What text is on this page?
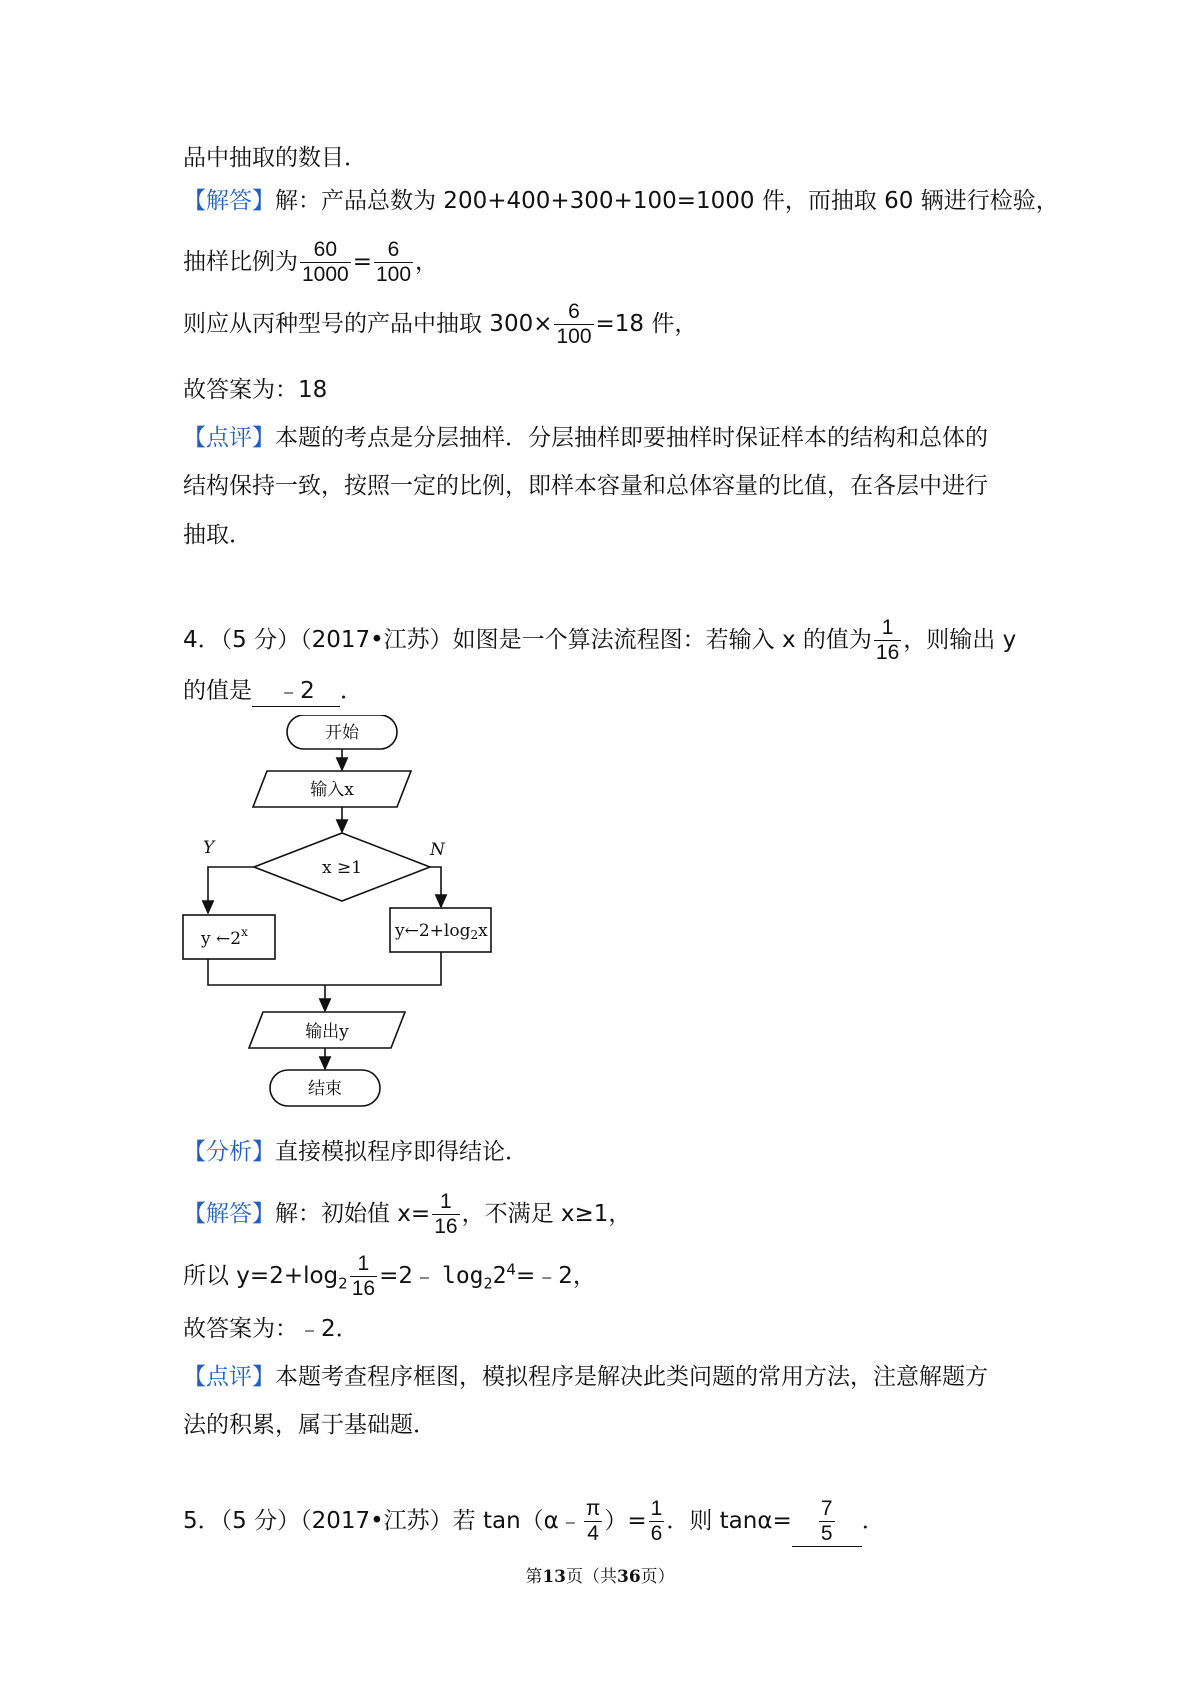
品中抽取的数目．
【解答】解：产品总数为 200+400+300+100=1000 件，而抽取 60 辆进行检验，
抽样比例为 $\frac{60}{1000} = \frac{6}{100}$ ，
则应从丙种型号的产品中抽取 $300\times \frac{6}{100} =18$ 件，
故答案为：18
【点评】本题的考点是分层抽样．分层抽样即要抽样时保证样本的结构和总体的
结构保持一致，按照一定的比例，即样本容量和总体容量的比值，在各层中进行
抽取．
4．（5 分）（2017•江苏）如图是一个算法流程图：若输入 x 的值为 $\frac{1}{16}$ ，则输出 y
的值是 ﹣2 ．
开始
输入x
x ≥1
Y	N
y ←2$^x$	y←2+log2x
输出y
结束
【分析】直接模拟程序即得结论．
【解答】解：初始值 $x= \frac{1}{16}$ ，不满足 x≥1，
所以 $y=2+\log_2 \frac{1}{16}$ =2﹣ $\log_22^4=﹣2$，
故答案为：﹣2．
【点评】本题考查程序框图，模拟程序是解决此类问题的常用方法，注意解题方
法的积累，属于基础题．
5．（5 分）（2017•江苏）若 tan（α﹣ $\frac{\pi}{4}$ ）= $\frac{1}{6}$ ．则 $\tan\alpha= \frac{7}{5}$ ．
第13页（共36页）
